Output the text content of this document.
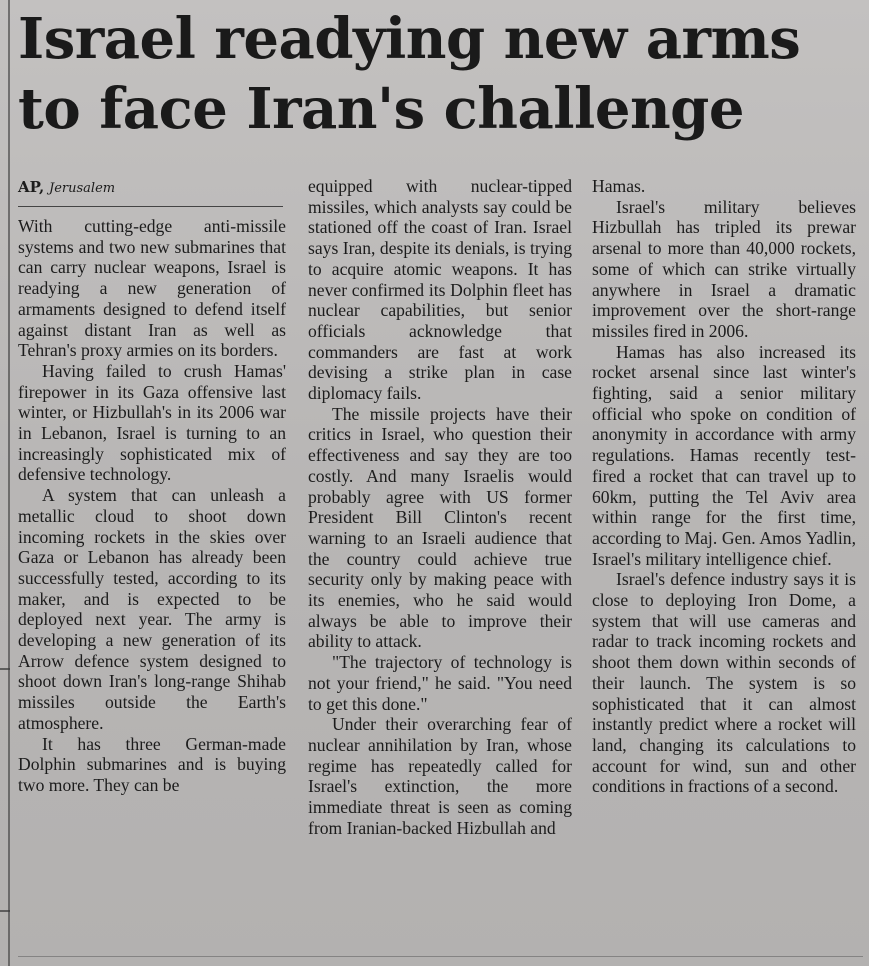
Israel readying new arms to face Iran's challenge
AP, Jerusalem

With cutting-edge anti-missile systems and two new submarines that can carry nuclear weapons, Israel is readying a new generation of armaments designed to defend itself against distant Iran as well as Tehran's proxy armies on its borders.

Having failed to crush Hamas' firepower in its Gaza offensive last winter, or Hizbullah's in its 2006 war in Lebanon, Israel is turning to an increasingly sophisticated mix of defensive technology.

A system that can unleash a metallic cloud to shoot down incoming rockets in the skies over Gaza or Lebanon has already been successfully tested, according to its maker, and is expected to be deployed next year. The army is developing a new generation of its Arrow defence system designed to shoot down Iran's long-range Shihab missiles outside the Earth's atmosphere.

It has three German-made Dolphin submarines and is buying two more. They can be

equipped with nuclear-tipped missiles, which analysts say could be stationed off the coast of Iran. Israel says Iran, despite its denials, is trying to acquire atomic weapons. It has never confirmed its Dolphin fleet has nuclear capabilities, but senior officials acknowledge that commanders are fast at work devising a strike plan in case diplomacy fails.

The missile projects have their critics in Israel, who question their effectiveness and say they are too costly. And many Israelis would probably agree with US former President Bill Clinton's recent warning to an Israeli audience that the country could achieve true security only by making peace with its enemies, who he said would always be able to improve their ability to attack.

"The trajectory of technology is not your friend," he said. "You need to get this done."

Under their overarching fear of nuclear annihilation by Iran, whose regime has repeatedly called for Israel's extinction, the more immediate threat is seen as coming from Iranian-backed Hizbullah and

Hamas.

Israel's military believes Hizbullah has tripled its prewar arsenal to more than 40,000 rockets, some of which can strike virtually anywhere in Israel a dramatic improvement over the short-range missiles fired in 2006.

Hamas has also increased its rocket arsenal since last winter's fighting, said a senior military official who spoke on condition of anonymity in accordance with army regulations. Hamas recently test-fired a rocket that can travel up to 60km, putting the Tel Aviv area within range for the first time, according to Maj. Gen. Amos Yadlin, Israel's military intelligence chief.

Israel's defence industry says it is close to deploying Iron Dome, a system that will use cameras and radar to track incoming rockets and shoot them down within seconds of their launch. The system is so sophisticated that it can almost instantly predict where a rocket will land, changing its calculations to account for wind, sun and other conditions in fractions of a second.
